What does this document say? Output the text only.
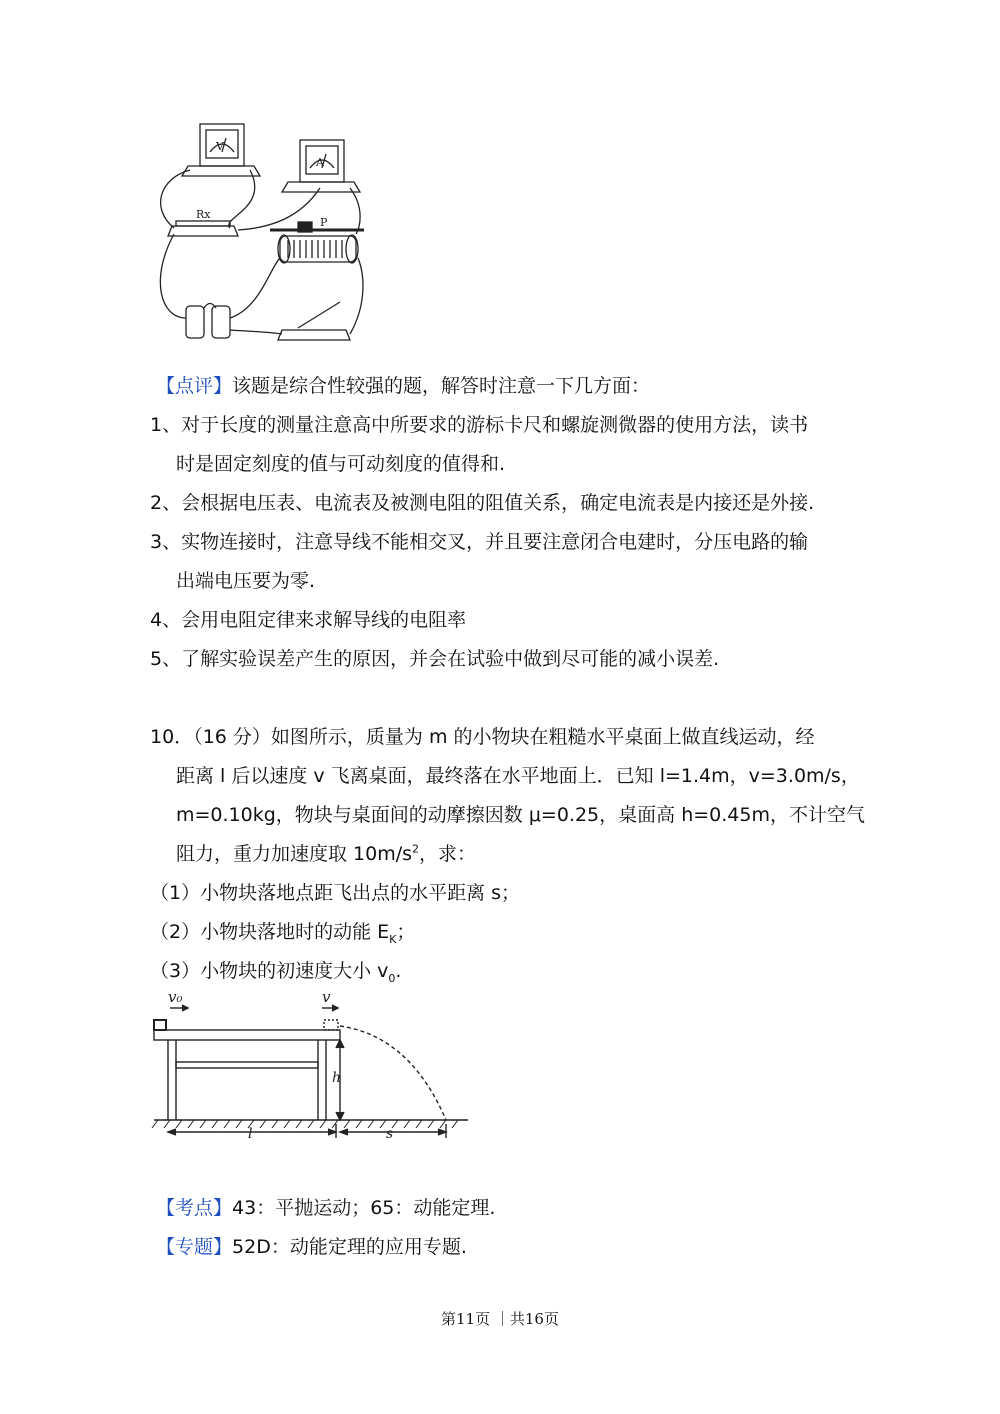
Rx
P
V
A
【点评】该题是综合性较强的题，解答时注意一下几方面：
1、对于长度的测量注意高中所要求的游标卡尺和螺旋测微器的使用方法，读书
时是固定刻度的值与可动刻度的值得和.
2、会根据电压表、电流表及被测电阻的阻值关系，确定电流表是内接还是外接.
3、实物连接时，注意导线不能相交叉，并且要注意闭合电建时，分压电路的输
出端电压要为零.
4、会用电阻定律来求解导线的电阻率
5、了解实验误差产生的原因，并会在试验中做到尽可能的减小误差.
10．（16 分）如图所示，质量为 m 的小物块在粗糙水平桌面上做直线运动，经
距离 l 后以速度 v 飞离桌面，最终落在水平地面上．已知 l=1.4m，v=3.0m/s，
m=0.10kg，物块与桌面间的动摩擦因数 μ=0.25，桌面高 h=0.45m，不计空气
阻力，重力加速度取 $10m/s^2$，求：
（1）小物块落地点距飞出点的水平距离 s；
（2）小物块落地时的动能 $E_K$；
（3）小物块的初速度大小 $v_0$.
v₀	v
h
l	s
【考点】43：平抛运动；65：动能定理.
【专题】52D：动能定理的应用专题.
第11页 ｜共16页
